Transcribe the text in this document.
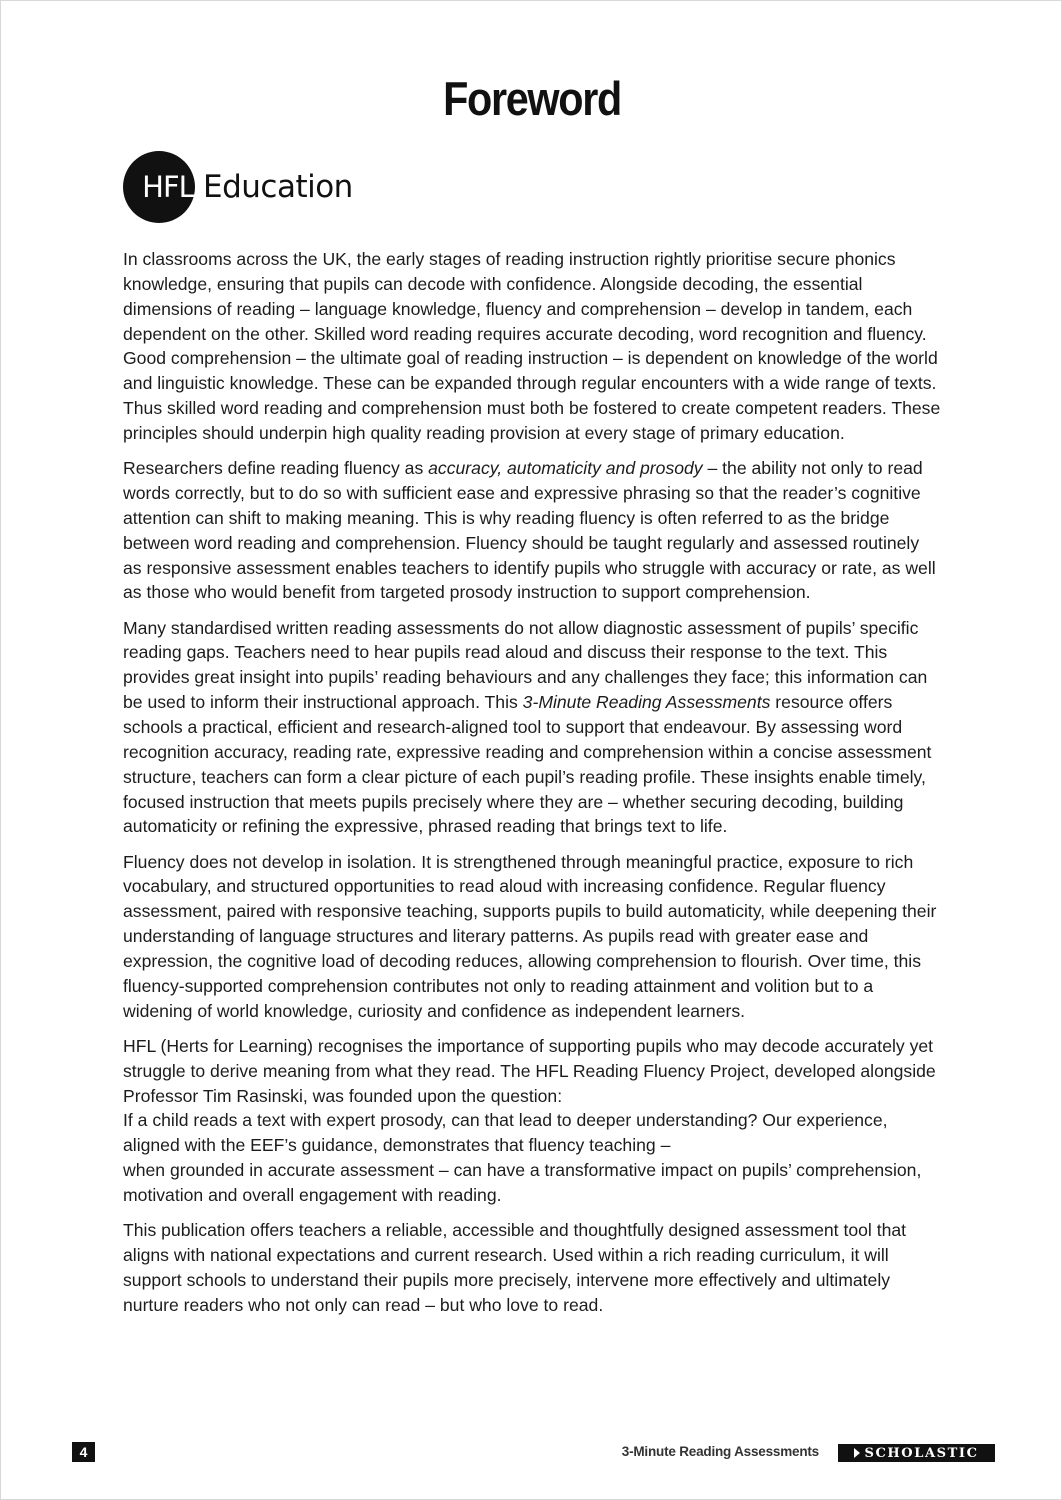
Foreword
HFL Education

In classrooms across the UK, the early stages of reading instruction rightly prioritise secure phonics knowledge, ensuring that pupils can decode with confidence. Alongside decoding, the essential dimensions of reading – language knowledge, fluency and comprehension – develop in tandem, each dependent on the other. Skilled word reading requires accurate decoding, word recognition and fluency. Good comprehension – the ultimate goal of reading instruction – is dependent on knowledge of the world and linguistic knowledge. These can be expanded through regular encounters with a wide range of texts. Thus skilled word reading and comprehension must both be fostered to create competent readers. These principles should underpin high quality reading provision at every stage of primary education.

Researchers define reading fluency as accuracy, automaticity and prosody – the ability not only to read words correctly, but to do so with sufficient ease and expressive phrasing so that the reader’s cognitive attention can shift to making meaning. This is why reading fluency is often referred to as the bridge between word reading and comprehension. Fluency should be taught regularly and assessed routinely as responsive assessment enables teachers to identify pupils who struggle with accuracy or rate, as well as those who would benefit from targeted prosody instruction to support comprehension.

Many standardised written reading assessments do not allow diagnostic assessment of pupils’ specific reading gaps. Teachers need to hear pupils read aloud and discuss their response to the text. This provides great insight into pupils’ reading behaviours and any challenges they face; this information can be used to inform their instructional approach. This 3-Minute Reading Assessments resource offers schools a practical, efficient and research-aligned tool to support that endeavour. By assessing word recognition accuracy, reading rate, expressive reading and comprehension within a concise assessment structure, teachers can form a clear picture of each pupil’s reading profile. These insights enable timely, focused instruction that meets pupils precisely where they are – whether securing decoding, building automaticity or refining the expressive, phrased reading that brings text to life.

Fluency does not develop in isolation. It is strengthened through meaningful practice, exposure to rich vocabulary, and structured opportunities to read aloud with increasing confidence. Regular fluency assessment, paired with responsive teaching, supports pupils to build automaticity, while deepening their understanding of language structures and literary patterns. As pupils read with greater ease and expression, the cognitive load of decoding reduces, allowing comprehension to flourish. Over time, this fluency-supported comprehension contributes not only to reading attainment and volition but to a widening of world knowledge, curiosity and confidence as independent learners.

HFL (Herts for Learning) recognises the importance of supporting pupils who may decode accurately yet struggle to derive meaning from what they read. The HFL Reading Fluency Project, developed alongside Professor Tim Rasinski, was founded upon the question:
If a child reads a text with expert prosody, can that lead to deeper understanding? Our experience, aligned with the EEF’s guidance, demonstrates that fluency teaching –
when grounded in accurate assessment – can have a transformative impact on pupils’ comprehension, motivation and overall engagement with reading.

This publication offers teachers a reliable, accessible and thoughtfully designed assessment tool that aligns with national expectations and current research. Used within a rich reading curriculum, it will support schools to understand their pupils more precisely, intervene more effectively and ultimately nurture readers who not only can read – but who love to read.

4	3-Minute Reading Assessments	SCHOLASTIC
